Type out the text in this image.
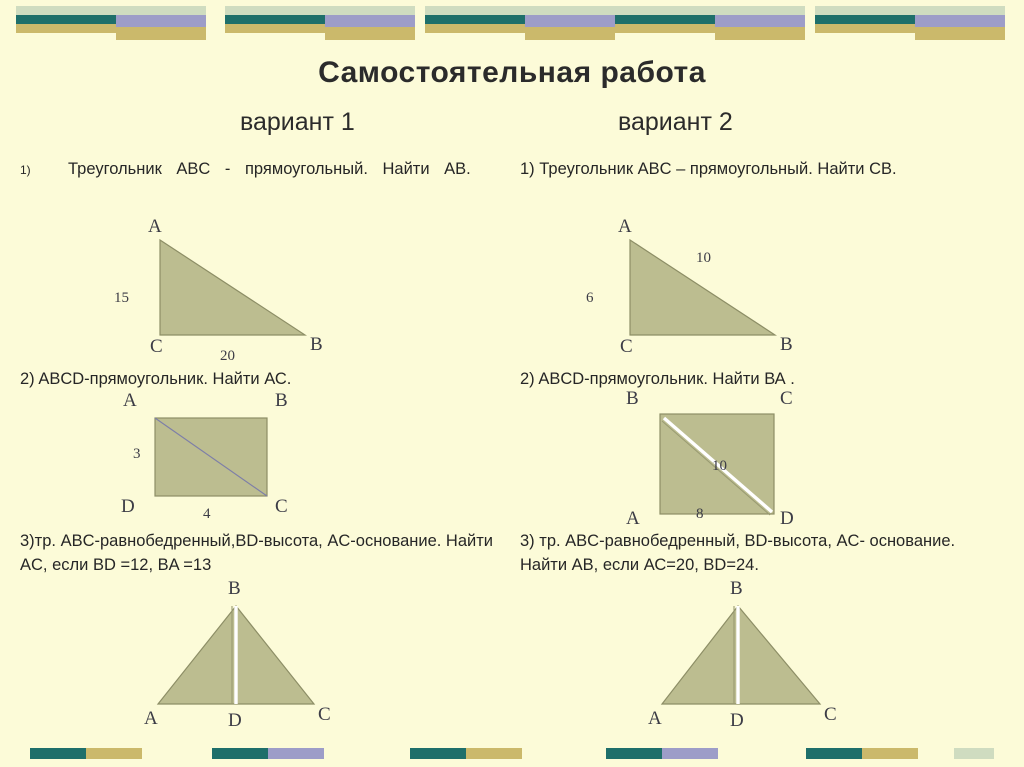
Самостоятельная работа
вариант 1	вариант 2
1)	Треугольник ABC - прямоугольный. Найти АВ.
A
C	B
15
20
2) ABCD-прямоугольник. Найти АС.
A	B
D	C
3
4
3)тр. ABC-равнобедренный,BD-высота, AC-основание. Найти AC, если BD =12, BA =13
B
A	D	C
1) Треугольник ABC – прямоугольный. Найти СВ.
A
C	B
10
6
2) ABCD-прямоугольник. Найти ВА .
B	C
A	D
10
8
3) тр. ABC-равнобедренный, BD-высота, AC- основание. Найти АВ, если АС=20, BD=24.
B
A	D	C
